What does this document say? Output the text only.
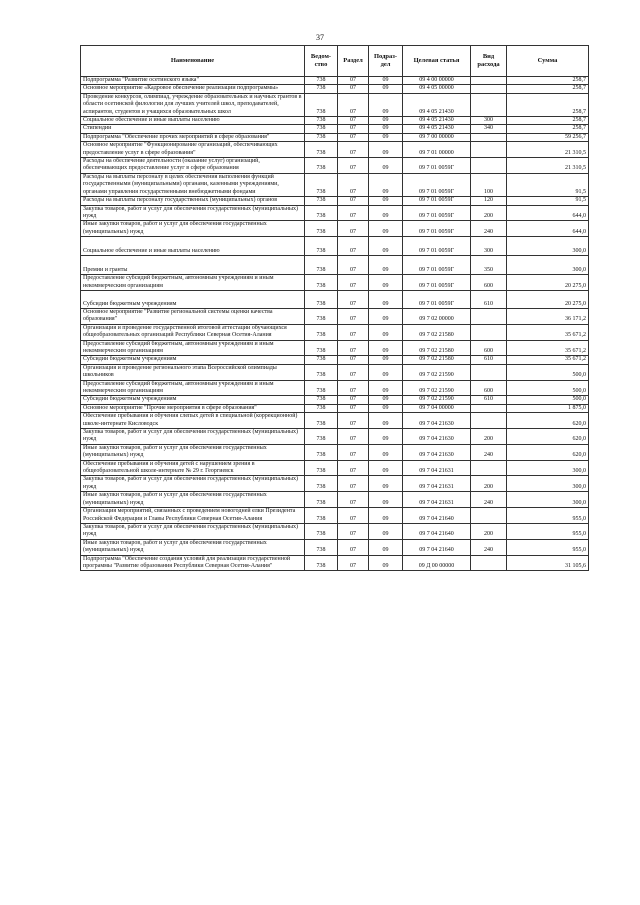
37
Наименование	Ведом-ство	Раздел	Подраз-дел	Целевая статья	Вид расхода	Сумма
Подпрограмма "Развитие осетинского языка"	738	07	09	09 4 00 00000		258,7
Основное мероприятие «Кадровое обеспечение реализации подпрограммы»	738	07	09	09 4 05 00000		258,7
Проведение конкурсов, олимпиад, учреждение образовательных и научных грантов в области осетинской филологии для лучших учителей школ, преподавателей, аспирантов, студентов и учащихся образовательных школ	738	07	09	09 4 05 21430		258,7
Социальное обеспечение и иные выплаты населению	738	07	09	09 4 05 21430	300	258,7
Стипендии	738	07	09	09 4 05 21430	340	258,7
Подпрограмма "Обеспечение прочих мероприятий в сфере образования"	738	07	09	09 7 00 00000		59 256,7
Основное мероприятие "Функционирование организаций, обеспечивающих предоставление услуг в сфере образования"	738	07	09	09 7 01 00000		21 310,5
Расходы на обеспечение деятельности (оказание услуг) организаций, обеспечивающих предоставление услуг в сфере образования	738	07	09	09 7 01 0059Г		21 310,5
Расходы на выплаты персоналу в целях обеспечения выполнения функций государственными (муниципальными) органами, казенными учреждениями, органами управления государственными внебюджетными фондами	738	07	09	09 7 01 0059Г	100	91,5
Расходы на выплаты персоналу государственных (муниципальных) органов	738	07	09	09 7 01 0059Г	120	91,5
Закупка товаров, работ и услуг для обеспечения государственных (муниципальных) нужд	738	07	09	09 7 01 0059Г	200	644,0
Иные закупки товаров, работ и услуг для обеспечения государственных (муниципальных) нужд	738	07	09	09 7 01 0059Г	240	644,0
Социальное обеспечение и иные выплаты населению	738	07	09	09 7 01 0059Г	300	300,0
Премии и гранты	738	07	09	09 7 01 0059Г	350	300,0
Предоставление субсидий бюджетным, автономным учреждениям и иным некоммерческим организациям	738	07	09	09 7 01 0059Г	600	20 275,0
Субсидии бюджетным учреждениям	738	07	09	09 7 01 0059Г	610	20 275,0
Основное мероприятие "Развитие региональной системы оценки качества образования"	738	07	09	09 7 02 00000		36 171,2
Организация и проведение государственной итоговой аттестации обучающихся общеобразовательных организаций Республики Северная Осетия-Алания	738	07	09	09 7 02 21580		35 671,2
Предоставление субсидий бюджетным, автономным учреждениям и иным некоммерческим организациям	738	07	09	09 7 02 21580	600	35 671,2
Субсидии бюджетным учреждениям	738	07	09	09 7 02 21580	610	35 671,2
Организация и проведение регионального этапа Всероссийской олимпиады школьников	738	07	09	09 7 02 21590		500,0
Предоставление субсидий бюджетным, автономным учреждениям и иным некоммерческим организациям	738	07	09	09 7 02 21590	600	500,0
Субсидии бюджетным учреждениям	738	07	09	09 7 02 21590	610	500,0
Основное мероприятие "Прочие мероприятия в сфере образования"	738	07	09	09 7 04 00000		1 875,0
Обеспечение пребывания и обучения слепых детей в специальной (коррекционной) школе-интернате Кисловодск	738	07	09	09 7 04 21630		620,0
Закупка товаров, работ и услуг для обеспечения государственных (муниципальных) нужд	738	07	09	09 7 04 21630	200	620,0
Иные закупки товаров, работ и услуг для обеспечения государственных (муниципальных) нужд	738	07	09	09 7 04 21630	240	620,0
Обеспечение пребывания и обучения детей с нарушением зрения в общеобразовательной школе-интернате № 29 г. Георгиевск	738	07	09	09 7 04 21631		300,0
Закупка товаров, работ и услуг для обеспечения государственных (муниципальных) нужд	738	07	09	09 7 04 21631	200	300,0
Иные закупки товаров, работ и услуг для обеспечения государственных (муниципальных) нужд	738	07	09	09 7 04 21631	240	300,0
Организация мероприятий, связанных с проведением новогодней елки Президента Российской Федерации и Главы Республики Северная Осетия-Алания	738	07	09	09 7 04 21640		955,0
Закупка товаров, работ и услуг для обеспечения государственных (муниципальных) нужд	738	07	09	09 7 04 21640	200	955,0
Иные закупки товаров, работ и услуг для обеспечения государственных (муниципальных) нужд	738	07	09	09 7 04 21640	240	955,0
Подпрограмма "Обеспечение создания условий для реализации государственной программы "Развитие образования Республики Северная Осетия-Алания"	738	07	09	09 Д 00 00000		31 105,6
